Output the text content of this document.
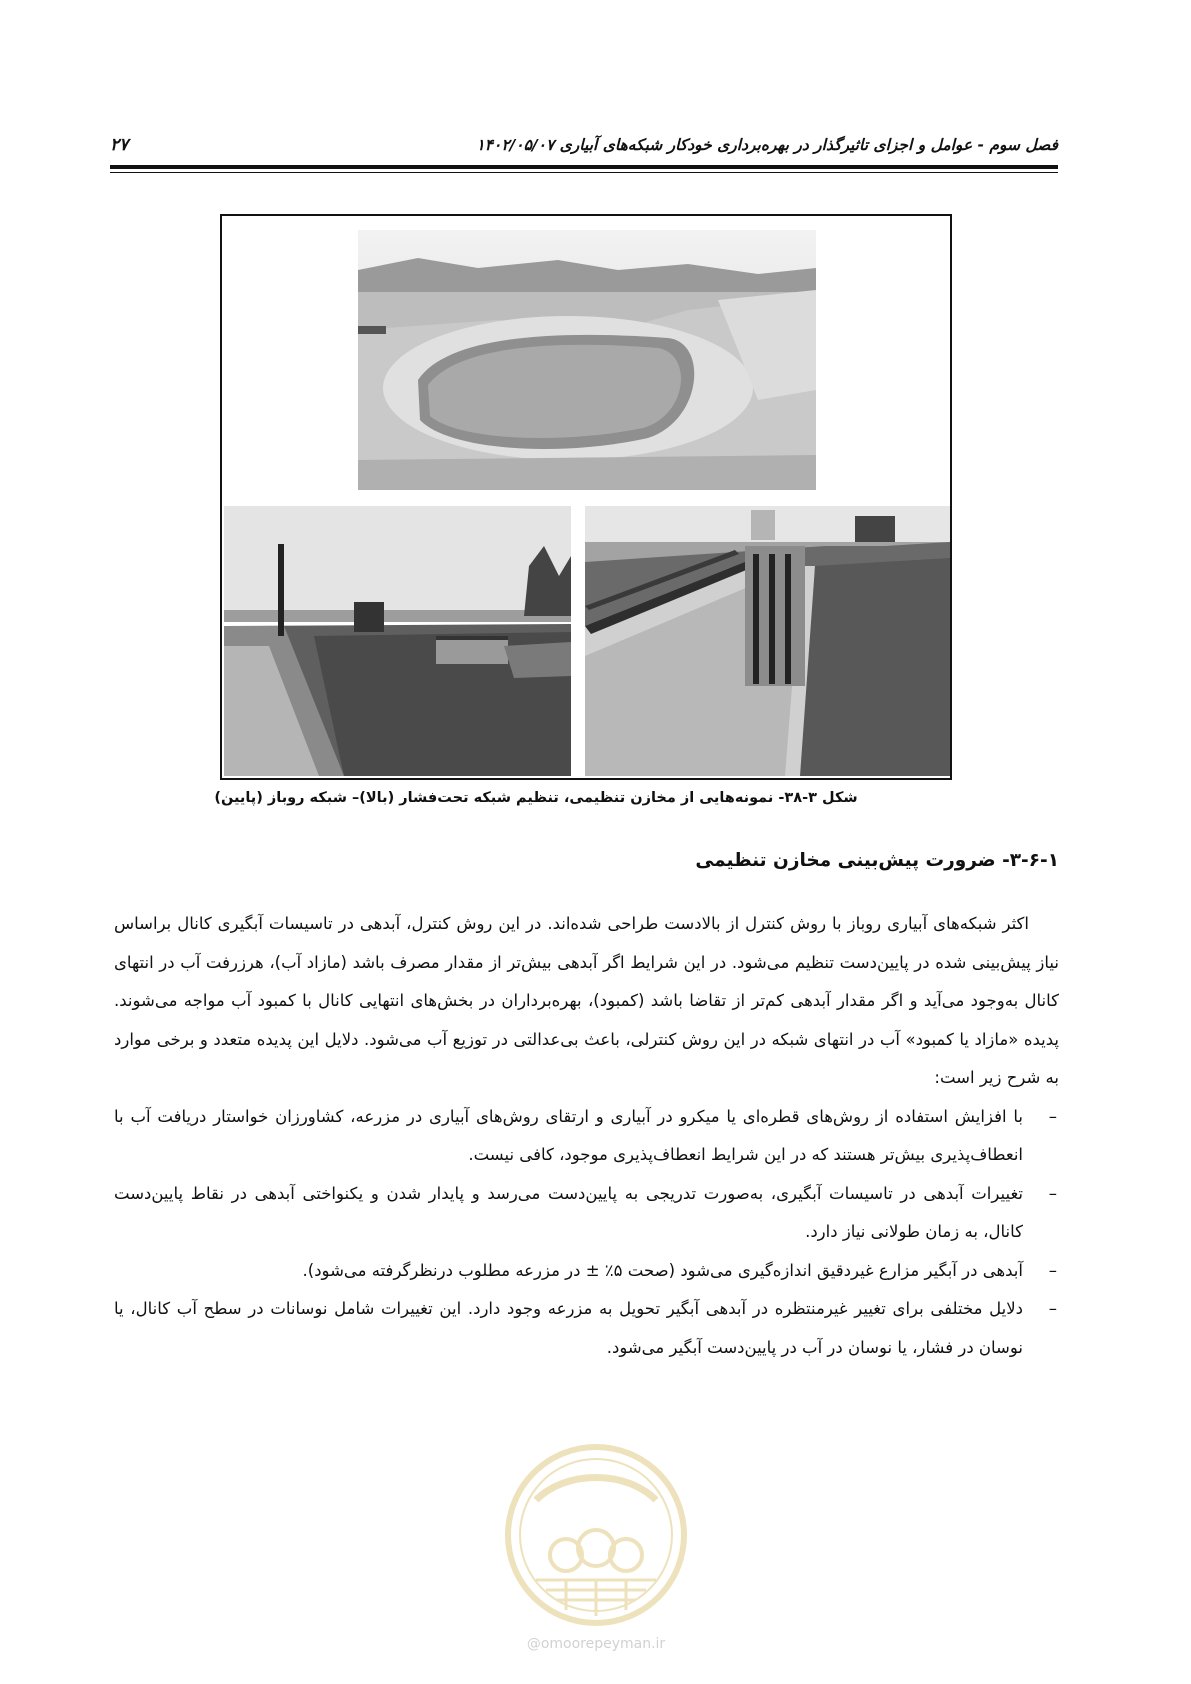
۲۷	فصل سوم - عوامل و اجزای تاثیرگذار در بهره‌برداری خودکار شبکه‌های آبیاری ۱۴۰۲/۰۵/۰۷
شکل ۳-۳۸- نمونه‌هایی از مخازن تنظیمی، تنظیم شبکه تحت‌فشار (بالا)– شبکه روباز (پایین)
۳-۶-۱- ضرورت پیش‌بینی مخازن تنظیمی

اکثر شبکه‌های آبیاری روباز با روش کنترل از بالادست طراحی شده‌اند. در این روش کنترل، آبدهی در تاسیسات آبگیری کانال براساس نیاز پیش‌بینی شده در پایین‌دست تنظیم می‌شود. در این شرایط اگر آبدهی بیش‌تر از مقدار مصرف باشد (مازاد آب)، هرزرفت آب در انتهای کانال به‌وجود می‌آید و اگر مقدار آبدهی کم‌تر از تقاضا باشد (کمبود)، بهره‌برداران در بخش‌های انتهایی کانال با کمبود آب مواجه می‌شوند. پدیده «مازاد یا کمبود» آب در انتهای شبکه در این روش کنترلی، باعث بی‌عدالتی در توزیع آب می‌شود. دلایل این پدیده متعدد و برخی موارد به شرح زیر است:

–
با افزایش استفاده از روش‌های قطره‌ای یا میکرو در آبیاری و ارتقای روش‌های آبیاری در مزرعه، کشاورزان خواستار دریافت آب با انعطاف‌پذیری بیش‌تر هستند که در این شرایط انعطاف‌پذیری موجود، کافی نیست.
–
تغییرات آبدهی در تاسیسات آبگیری، به‌صورت تدریجی به پایین‌دست می‌رسد و پایدار شدن و یکنواختی آبدهی در نقاط پایین‌دست کانال، به زمان طولانی نیاز دارد.
–
آبدهی در آبگیر مزارع غیردقیق اندازه‌گیری می‌شود (صحت ۵٪ ± در مزرعه مطلوب درنظرگرفته می‌شود).
–
دلایل مختلفی برای تغییر غیرمنتظره در آبدهی آبگیر تحویل به مزرعه وجود دارد. این تغییرات شامل نوسانات در سطح آب کانال، یا نوسان در فشار، یا نوسان در آب در پایین‌دست آبگیر می‌شود.
@omoorepeyman.ir
